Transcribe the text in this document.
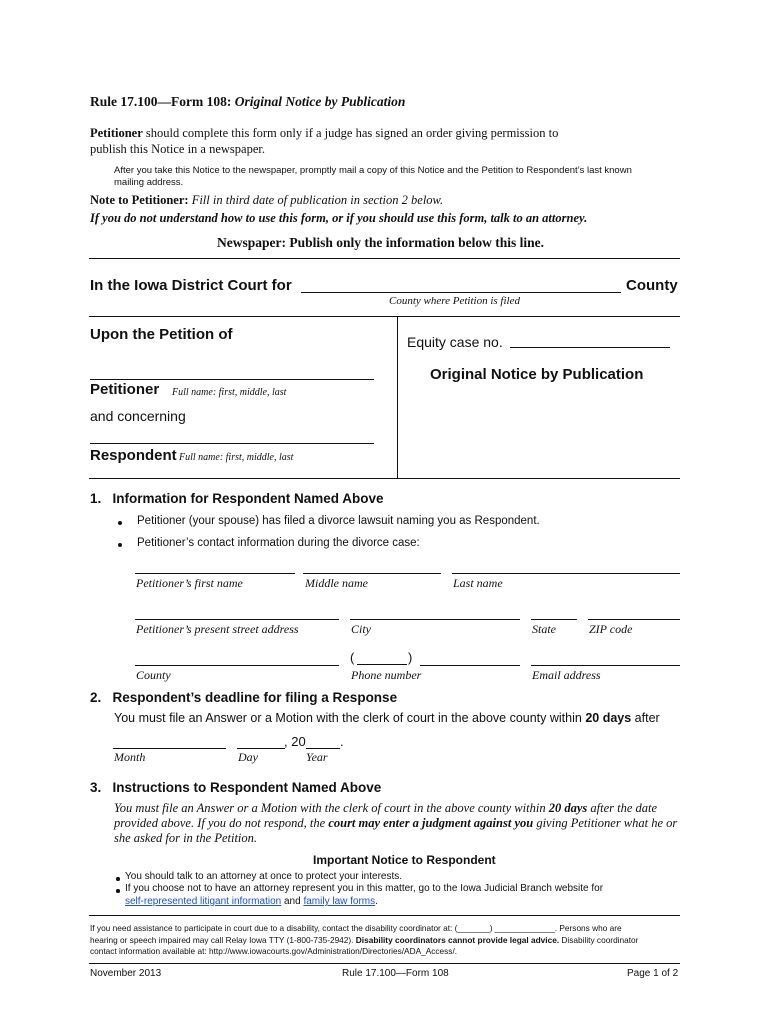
Rule 17.100—Form 108: Original Notice by Publication
Petitioner should complete this form only if a judge has signed an order giving permission to
publish this Notice in a newspaper.
After you take this Notice to the newspaper, promptly mail a copy of this Notice and the Petition to Respondent’s last known
mailing address.
Note to Petitioner: Fill in third date of publication in section 2 below.
If you do not understand how to use this form, or if you should use this form, talk to an attorney.
Newspaper: Publish only the information below this line.
In the Iowa District Court for	County
County where Petition is filed
Upon the Petition of
Petitioner Full name: first, middle, last
and concerning
Respondent Full name: first, middle, last
Equity case no.
Original Notice by Publication
1. Information for Respondent Named Above
Petitioner (your spouse) has filed a divorce lawsuit naming you as Respondent.
Petitioner’s contact information during the divorce case:
Petitioner’s first name	Middle name	Last name
Petitioner’s present street address	City	State	ZIP code
(	)
County	Phone number	Email address
2. Respondent’s deadline for filing a Response
You must file an Answer or a Motion with the clerk of court in the above county within 20 days after
, 20	.
Month	Day	Year
3. Instructions to Respondent Named Above
You must file an Answer or a Motion with the clerk of court in the above county within 20 days after the date
provided above. If you do not respond, the court may enter a judgment against you giving Petitioner what he or
she asked for in the Petition.
Important Notice to Respondent
You should talk to an attorney at once to protect your interests.
If you choose not to have an attorney represent you in this matter, go to the Iowa Judicial Branch website for
self-represented litigant information and family law forms.
If you need assistance to participate in court due to a disability, contact the disability coordinator at: (_______) _____________. Persons who are
hearing or speech impaired may call Relay Iowa TTY (1-800-735-2942). Disability coordinators cannot provide legal advice. Disability coordinator
contact information available at: http://www.iowacourts.gov/Administration/Directories/ADA_Access/.
November 2013	Rule 17.100—Form 108	Page 1 of 2
